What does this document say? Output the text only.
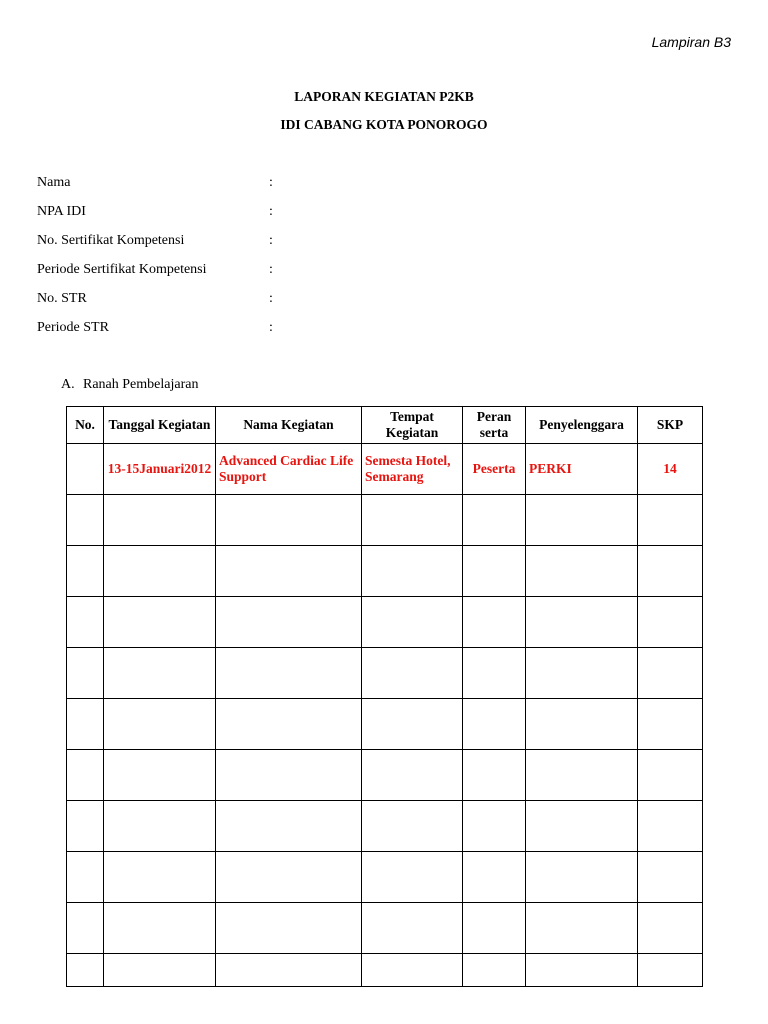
Lampiran B3
LAPORAN KEGIATAN P2KB
IDI CABANG KOTA PONOROGO
Nama	:
NPA IDI	:
No. Sertifikat Kompetensi	:
Periode Sertifikat Kompetensi	:
No. STR	:
Periode STR	:
A. Ranah Pembelajaran
No.	Tanggal Kegiatan	Nama Kegiatan	Tempat Kegiatan	Peran serta	Penyelenggara	SKP
	13-15Januari2012	Advanced Cardiac Life Support	Semesta Hotel, Semarang	Peserta	PERKI	14
